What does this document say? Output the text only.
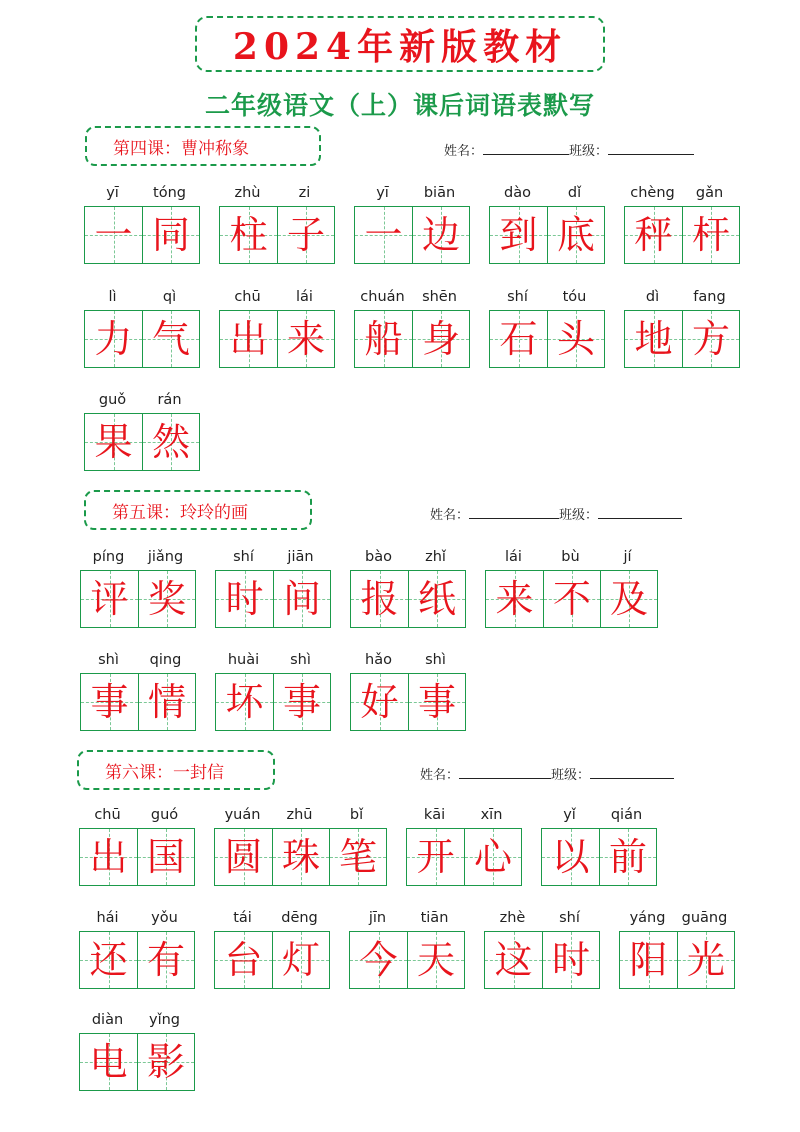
2024年新版教材
二年级语文（上）课后词语表默写
第四课：曹冲称象	姓名：	班级：
yī	tóng
一 同
zhù	zi
柱 子
yī	biān
一 边
dào	dǐ
到 底
chèng	gǎn
秤 杆
lì	qì
力 气
chū	lái
出 来
chuán	shēn
船 身
shí	tóu
石 头
dì	fang
地 方
guǒ	rán
果 然
第五课：玲玲的画	姓名：	班级：
píng	jiǎng
评 奖
shí	jiān
时 间
bào	zhǐ
报 纸
lái	bù	jí
来 不 及
shì	qing
事 情
huài	shì
坏 事
hǎo	shì
好 事
第六课：一封信	姓名：	班级：
chū	guó
出 国
yuán	zhū	bǐ
圆 珠 笔
kāi	xīn
开 心
yǐ	qián
以 前
hái	yǒu
还 有
tái	dēng
台 灯
jīn	tiān
今 天
zhè	shí
这 时
yáng	guāng
阳 光
diàn	yǐng
电 影
